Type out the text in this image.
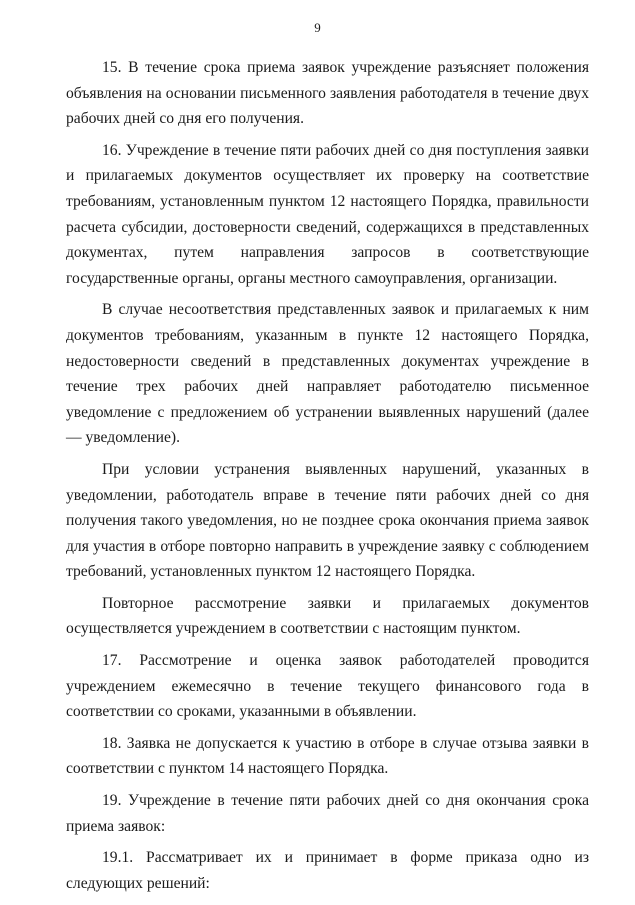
9

15. В течение срока приема заявок учреждение разъясняет положения объявления на основании письменного заявления работодателя в течение двух рабочих дней со дня его получения.

16. Учреждение в течение пяти рабочих дней со дня поступления заявки и прилагаемых документов осуществляет их проверку на соответствие требованиям, установленным пунктом 12 настоящего Порядка, правильности расчета субсидии, достоверности сведений, содержащихся в представленных документах, путем направления запросов в соответствующие государственные органы, органы местного самоуправления, организации.

В случае несоответствия представленных заявок и прилагаемых к ним документов требованиям, указанным в пункте 12 настоящего Порядка, недостоверности сведений в представленных документах учреждение в течение трех рабочих дней направляет работодателю письменное уведомление с предложением об устранении выявленных нарушений (далее — уведомление).

При условии устранения выявленных нарушений, указанных в уведомлении, работодатель вправе в течение пяти рабочих дней со дня получения такого уведомления, но не позднее срока окончания приема заявок для участия в отборе повторно направить в учреждение заявку с соблюдением требований, установленных пунктом 12 настоящего Порядка.

Повторное рассмотрение заявки и прилагаемых документов осуществляется учреждением в соответствии с настоящим пунктом.

17. Рассмотрение и оценка заявок работодателей проводится учреждением ежемесячно в течение текущего финансового года в соответствии со сроками, указанными в объявлении.

18. Заявка не допускается к участию в отборе в случае отзыва заявки в соответствии с пунктом 14 настоящего Порядка.

19. Учреждение в течение пяти рабочих дней со дня окончания срока приема заявок:

19.1. Рассматривает их и принимает в форме приказа одно из следующих решений:
